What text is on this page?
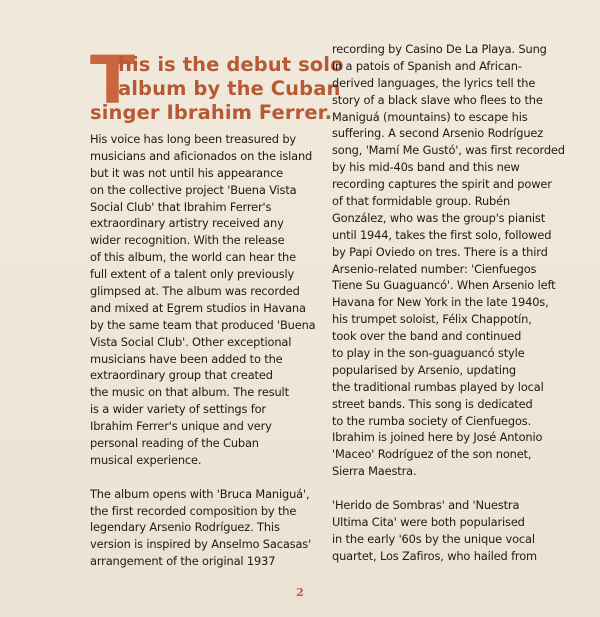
T
his is the debut solo
album by the Cuban
singer Ibrahim Ferrer.
His voice has long been treasured by
musicians and aficionados on the island
but it was not until his appearance
on the collective project 'Buena Vista
Social Club' that Ibrahim Ferrer's
extraordinary artistry received any
wider recognition. With the release
of this album, the world can hear the
full extent of a talent only previously
glimpsed at. The album was recorded
and mixed at Egrem studios in Havana
by the same team that produced 'Buena
Vista Social Club'. Other exceptional
musicians have been added to the
extraordinary group that created
the music on that album. The result
is a wider variety of settings for
Ibrahim Ferrer's unique and very
personal reading of the Cuban
musical experience.
The album opens with 'Bruca Maniguá',
the first recorded composition by the
legendary Arsenio Rodríguez. This
version is inspired by Anselmo Sacasas'
arrangement of the original 1937
recording by Casino De La Playa. Sung
in a patois of Spanish and African-
derived languages, the lyrics tell the
story of a black slave who flees to the
Maniguá (mountains) to escape his
suffering. A second Arsenio Rodríguez
song, 'Mamí Me Gustó', was first recorded
by his mid-40s band and this new
recording captures the spirit and power
of that formidable group. Rubén
González, who was the group's pianist
until 1944, takes the first solo, followed
by Papi Oviedo on tres. There is a third
Arsenio-related number: 'Cienfuegos
Tiene Su Guaguancó'. When Arsenio left
Havana for New York in the late 1940s,
his trumpet soloist, Félix Chappotín,
took over the band and continued
to play in the son-guaguancó style
popularised by Arsenio, updating
the traditional rumbas played by local
street bands. This song is dedicated
to the rumba society of Cienfuegos.
Ibrahim is joined here by José Antonio
'Maceo' Rodríguez of the son nonet,
Sierra Maestra.
'Herido de Sombras' and 'Nuestra
Ultima Cita' were both popularised
in the early '60s by the unique vocal
quartet, Los Zafiros, who hailed from
2
